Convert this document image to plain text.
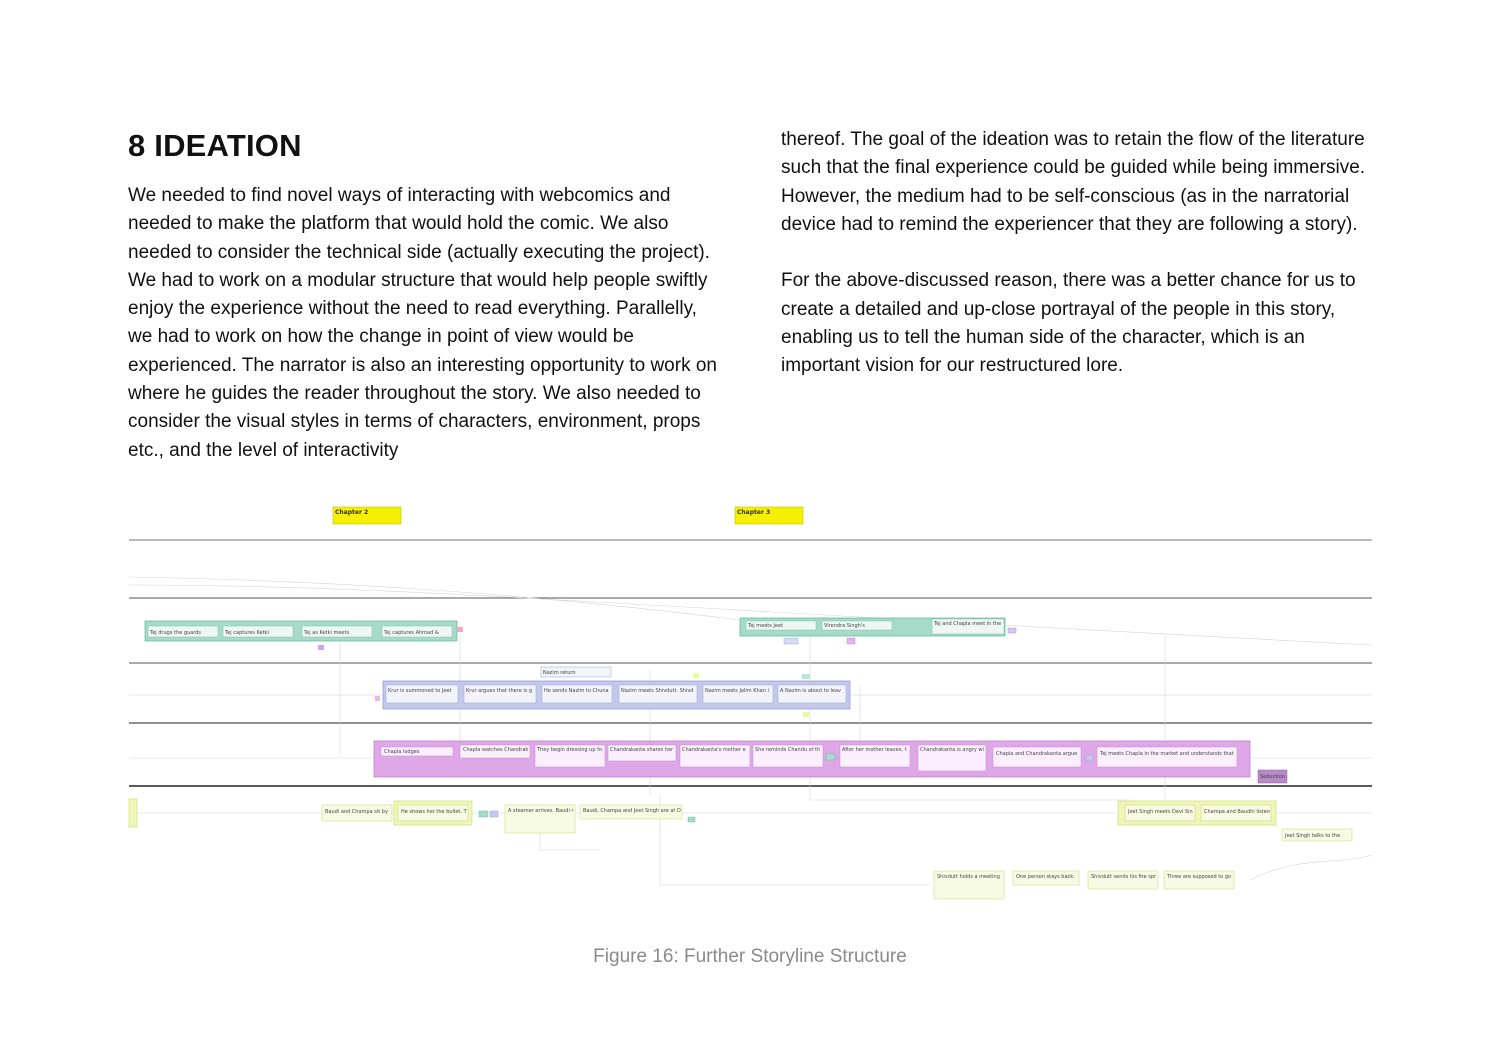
8 IDEATION

We needed to find novel ways of interacting with webcomics and needed to make the platform that would hold the comic. We also needed to consider the technical side (actually executing the project). We had to work on a modular structure that would help people swiftly enjoy the experience without the need to read everything. Parallelly, we had to work on how the change in point of view would be experienced. The narrator is also an interesting opportunity to work on where he guides the reader throughout the story. We also needed to consider the visual styles in terms of characters, environment, props etc., and the level of interactivity

thereof. The goal of the ideation was to retain the flow of the literature such that the final experience could be guided while being immersive. However, the medium had to be self-conscious (as in the narratorial device had to remind the experiencer that they are following a story).

For the above-discussed reason, there was a better chance for us to create a detailed and up-close portrayal of the people in this story, enabling us to tell the human side of the character, which is an important vision for our restructured lore.

Chapter 2	Chapter 3
Tej drugs the guards	Tej captures Ketki	Tej as Ketki meets	Tej captures Ahmad &
Tej meets Jeet	Virendra Singh's	Tej and Chapla meet in the
Nazim return
Krur is summoned to Jeet	Krur argues that there is g He sends Nazim to Chuna Nazim meets Shivdutt. Shivd Nazim meets Jalim Khan i A Nazim is about to leav
Chapla lodges	Chapla watches Chandrak They begin dressing up fo Chandrakanta shares her Chandrakanta's mother e She reminds Chandu of th	After her mother leaves, t	Chandrakanta is angry wi
Chapla and Chandrakanta argue	Tej meets Chapla in the market and understands that
Seduction
Baudi and Champa sit by	He shows her the bullet. T	A steamer arrives. Baudi r Baudi, Champa and Jeet Singh are at D	Jeet Singh meets Devi Sin Champa and Baudhi listen
Jeet Singh talks to the
Shivdutt holds a meeting	One person stays back.	Shivdutt sends his fire spr Three are supposed to go
Figure 16: Further Storyline Structure
